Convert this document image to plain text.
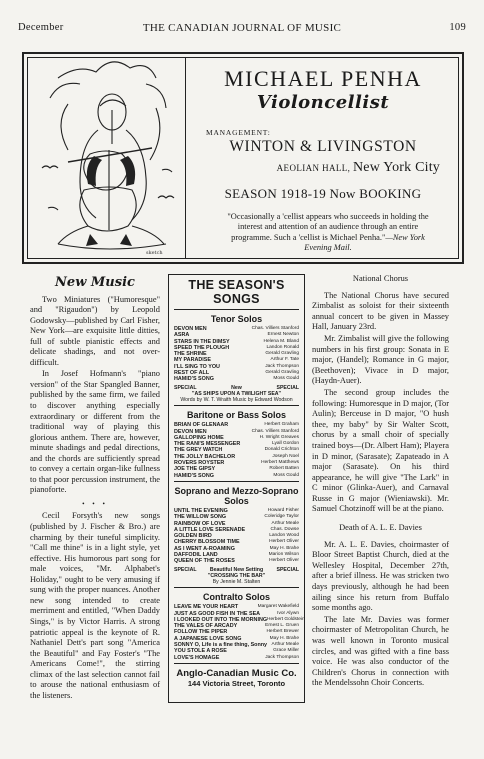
December	THE CANADIAN JOURNAL OF MUSIC	109
sketch
MICHAEL PENHA
Violoncellist
MANAGEMENT:
WINTON & LIVINGSTON
AEOLIAN HALL, New York City
SEASON 1918-19 Now BOOKING
"Occasionally a 'cellist appears who succeeds in holding the interest and attention of an audience through an entire programme. Such a 'cellist is Michael Penha."—New York Evening Mail.
New Music

Two Miniatures ("Humoresque" and "Rigaudon") by Leopold Godowsky—published by Carl Fisher, New York—are exquisite little ditties, full of subtle pianistic effects and delicate shadings, and not over-difficult.

In Josef Hofmann's "piano version" of the Star Spangled Banner, published by the same firm, we failed to discover anything especially extraordinary or different from the traditional way of playing this glorious anthem. There are, however, minute shadings and pedal directions, and the chords are sufficiently spread to convey a certain organ-like fullness to that poor percussion instrument, the pianoforte.

• • •

Cecil Forsyth's new songs (published by J. Fischer & Bro.) are charming by their tuneful simplicity. "Call me thine" is in a light style, yet effective. His humorous part song for male voices, "Mr. Alphabet's Holiday," ought to be very amusing if sung with the proper nuances. Another new song intended to create merriment and entitled, "When Daddy Sings," is by Victor Harris. A strong patriotic appeal is the keynote of R. Nathaniel Dett's part song "America the Beautiful" and Fay Foster's "The Americans Come!", the stirring climax of the last selection cannot fail to arouse the national enthusiasm of the listeners.

THE SEASON'S SONGS
Tenor Solos
DEVON MEN	Chas. Villiers Stanford
ASRA	Ernest Newton
STARS IN THE DIMSY	Helena M. Bland
SPEED THE PLOUGH	Landon Ronald
THE SHRINE	Gerald Gravling
MY PARADISE	Arthur F. Tate
I'LL SING TO YOU	Jack Thompson
REST OF ALL	Gerald Gravling
HAMID'S SONG	Moss Gould
SPECIAL	New	SPECIAL
"AS SHIPS UPON A TWILIGHT SEA"
Words by W. T. Wraith Music by Edward Wodson
Baritone or Bass Solos
BRIAN OF GLENAAR	Herbert Graham
DEVON MEN	Chas. Villiers Stanford
GALLOPING HOME	H. Wright Greaves
THE RANI'S MESSENGER	Lyall Gordon
THE GREY WATCH	Donald Crichton
THE JOLLY BACHELOR	Joseph Noel
ROVERS ROYSTER	Herbert Matthews
JOE THE GIPSY	Robert Batten
HAMID'S SONG	Moss Gould
Soprano and Mezzo-Soprano Solos
UNTIL THE EVENING	Howard Fisher
THE WILLOW SONG	Coleridge Taylor
RAINBOW OF LOVE	Arthur Meale
A LITTLE LOVE SERENADE	Chas. Dowse
GOLDEN BIRD	Landon Wood
CHERRY BLOSSOM TIME	Herbert Oliver
AS I WENT A-ROAMING	May H. Brahe
DAFFODIL LAND	Marion Wilson
QUEEN OF THE ROSES	Herbert Oliver
SPECIAL	Beautiful New Setting	SPECIAL
"CROSSING THE BAR"
By Jennie M. Stalten
Contralto Solos
LEAVE ME YOUR HEART	Margaret Wakefield
JUST AS GOOD FISH IN THE SEA	Ivor Alywn
I LOOKED OUT INTO THE MORNING Herbert Goldstein
THE VALES OF ARCADY	Ernest L. Gruen
FOLLOW THE PIPER	Herbert Brewer
A JAPANESE LOVE SONG	May H. Brahe
SONNY O, Life is a fine thing, Sonny Arthur Meale
YOU STOLE A ROSE	Grace Miller
LOVE'S HOMAGE	Jack Thompson
Anglo-Canadian Music Co.
144 Victoria Street, Toronto
National Chorus

The National Chorus have secured Zimbalist as soloist for their sixteenth annual concert to be given in Massey Hall, January 23rd.

Mr. Zimbalist will give the following numbers in his first group: Sonata in E major, (Handel); Romance in G major, (Beethoven); Vivace in D major, (Haydn-Auer).

The second group includes the following: Humoresque in D major, (Tor Aulin); Berceuse in D major, "O hush thee, my baby" by Sir Walter Scott, chorus by a small choir of specially trained boys—(Dr. Albert Ham); Playera in D minor, (Sarasate); Zapateado in A major (Sarasate). On his third appearance, he will give "The Lark" in C minor (Glinka-Auer), and Carnaval Russe in G major (Wieniawski). Mr. Samuel Chotzinoff will be at the piano.

Death of A. L. E. Davies

Mr. A. L. E. Davies, choirmaster of Bloor Street Baptist Church, died at the Wellesley Hospital, December 27th, after a brief illness. He was stricken two days previously, although he had been ailing since his return from Buffalo some months ago.

The late Mr. Davies was former choirmaster of Metropolitan Church, he was well known in Toronto musical circles, and was gifted with a fine bass voice. He was also conductor of the Children's Chorus in connection with the Mendelssohn Choir Concerts.
